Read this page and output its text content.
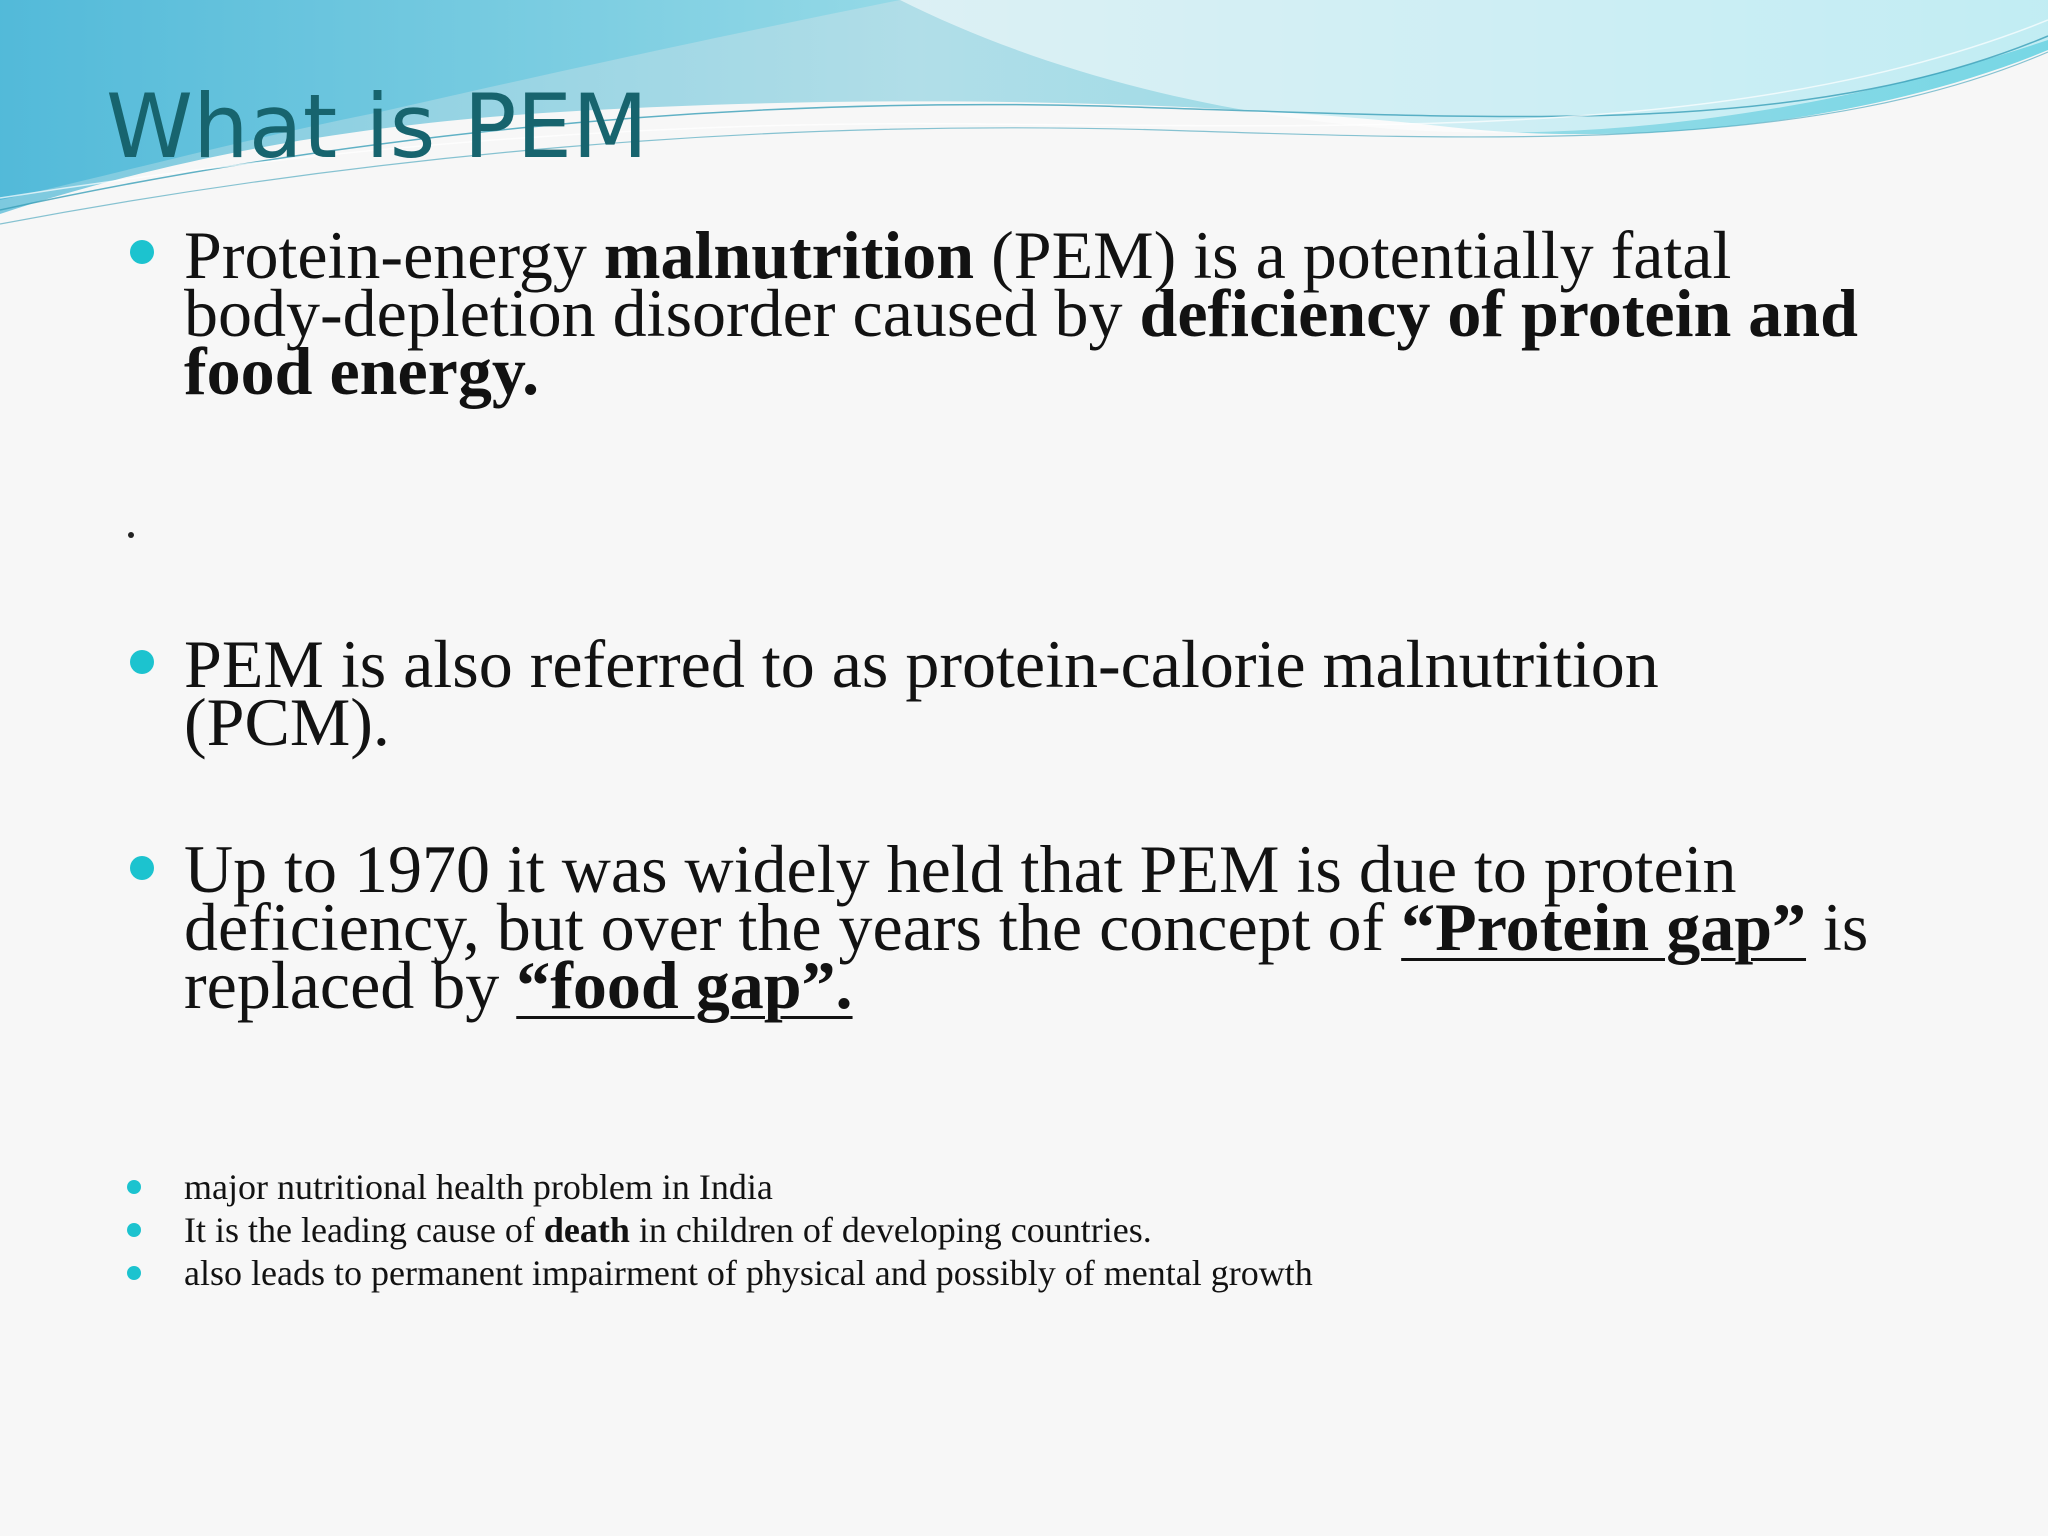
What is PEM

Protein-energy malnutrition (PEM) is a potentially fatal body-depletion disorder caused by deficiency of protein and food energy.

PEM is also referred to as protein-calorie malnutrition (PCM).

Up to 1970 it was widely held that PEM is due to protein deficiency, but over the years the concept of “Protein gap” is replaced by “food gap”.

major nutritional health problem in India

It is the leading cause of death in children of developing countries.

also leads to permanent impairment of physical and possibly of mental growth
